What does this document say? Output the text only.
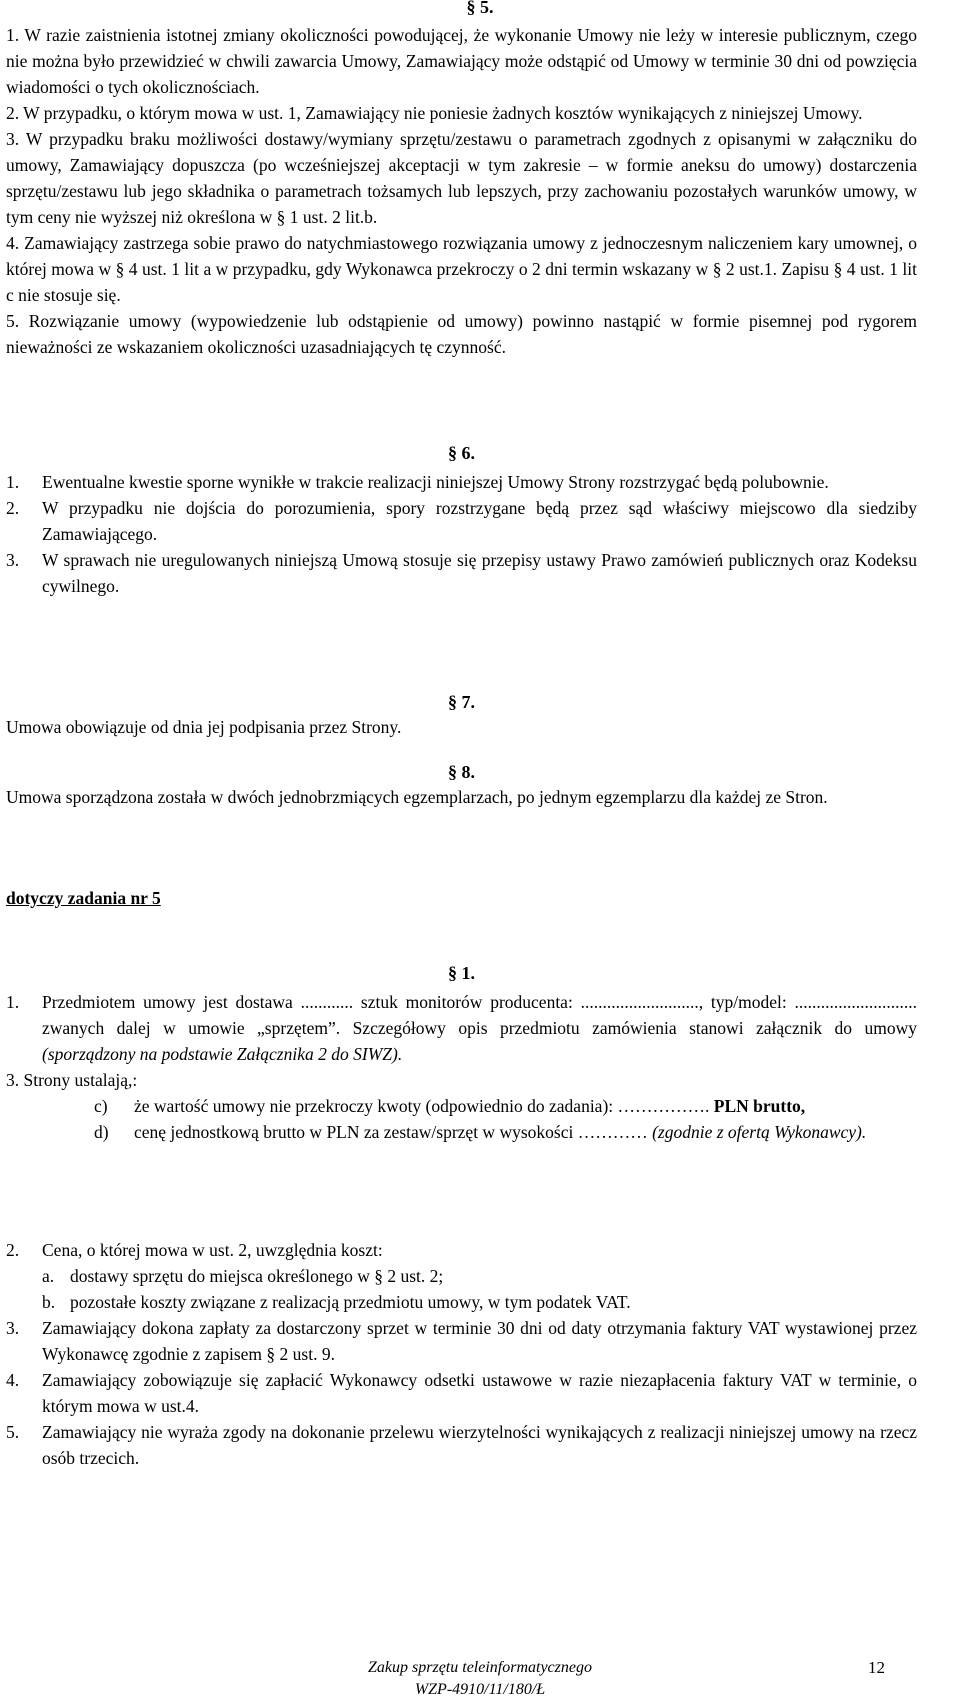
§ 5.

1. W razie zaistnienia istotnej zmiany okoliczności powodującej, że wykonanie Umowy nie leży w interesie publicznym, czego nie można było przewidzieć w chwili zawarcia Umowy, Zamawiający może odstąpić od Umowy w terminie 30 dni od powzięcia wiadomości o tych okolicznościach.

2. W przypadku, o którym mowa w ust. 1, Zamawiający nie poniesie żadnych kosztów wynikających z niniejszej Umowy.

3. W przypadku braku możliwości dostawy/wymiany sprzętu/zestawu o parametrach zgodnych z opisanymi w załączniku do umowy, Zamawiający dopuszcza (po wcześniejszej akceptacji w tym zakresie – w formie aneksu do umowy) dostarczenia sprzętu/zestawu lub jego składnika o parametrach tożsamych lub lepszych, przy zachowaniu pozostałych warunków umowy, w tym ceny nie wyższej niż określona w § 1 ust. 2 lit.b.

4. Zamawiający zastrzega sobie prawo do natychmiastowego rozwiązania umowy z jednoczesnym naliczeniem kary umownej, o której mowa w § 4 ust. 1 lit a w przypadku, gdy Wykonawca przekroczy o 2 dni termin wskazany w § 2 ust.1. Zapisu § 4 ust. 1 lit c nie stosuje się.

5. Rozwiązanie umowy (wypowiedzenie lub odstąpienie od umowy) powinno nastąpić w formie pisemnej pod rygorem nieważności ze wskazaniem okoliczności uzasadniających tę czynność.

§ 6.
1. Ewentualne kwestie sporne wynikłe w trakcie realizacji niniejszej Umowy Strony rozstrzygać będą polubownie.
2. W przypadku nie dojścia do porozumienia, spory rozstrzygane będą przez sąd właściwy miejscowo dla siedziby Zamawiającego.
3. W sprawach nie uregulowanych niniejszą Umową stosuje się przepisy ustawy Prawo zamówień publicznych oraz Kodeksu cywilnego.
§ 7.

Umowa obowiązuje od dnia jej podpisania przez Strony.

§ 8.

Umowa sporządzona została w dwóch jednobrzmiących egzemplarzach, po jednym egzemplarzu dla każdej ze Stron.

dotyczy zadania nr 5
§ 1.
1. Przedmiotem umowy jest dostawa ............ sztuk monitorów producenta: ..........................., typ/model: ............................ zwanych dalej w umowie „sprzętem”. Szczegółowy opis przedmiotu zamówienia stanowi załącznik do umowy (sporządzony na podstawie Załącznika 2 do SIWZ).
3. Strony ustalają,:
c) że wartość umowy nie przekroczy kwoty (odpowiednio do zadania): ……………. PLN brutto,
d) cenę jednostkową brutto w PLN za zestaw/sprzęt w wysokości ………… (zgodnie z ofertą Wykonawcy).
2. Cena, o której mowa w ust. 2, uwzględnia koszt:
a. dostawy sprzętu do miejsca określonego w § 2 ust. 2;
b. pozostałe koszty związane z realizacją przedmiotu umowy, w tym podatek VAT.
3. Zamawiający dokona zapłaty za dostarczony sprzet w terminie 30 dni od daty otrzymania faktury VAT wystawionej przez Wykonawcę zgodnie z zapisem § 2 ust. 9.
4. Zamawiający zobowiązuje się zapłacić Wykonawcy odsetki ustawowe w razie niezapłacenia faktury VAT w terminie, o którym mowa w ust.4.
5. Zamawiający nie wyraża zgody na dokonanie przelewu wierzytelności wynikających z realizacji niniejszej umowy na rzecz osób trzecich.
Zakup sprzętu teleinformatycznego
WZP-4910/11/180/Ł
12
